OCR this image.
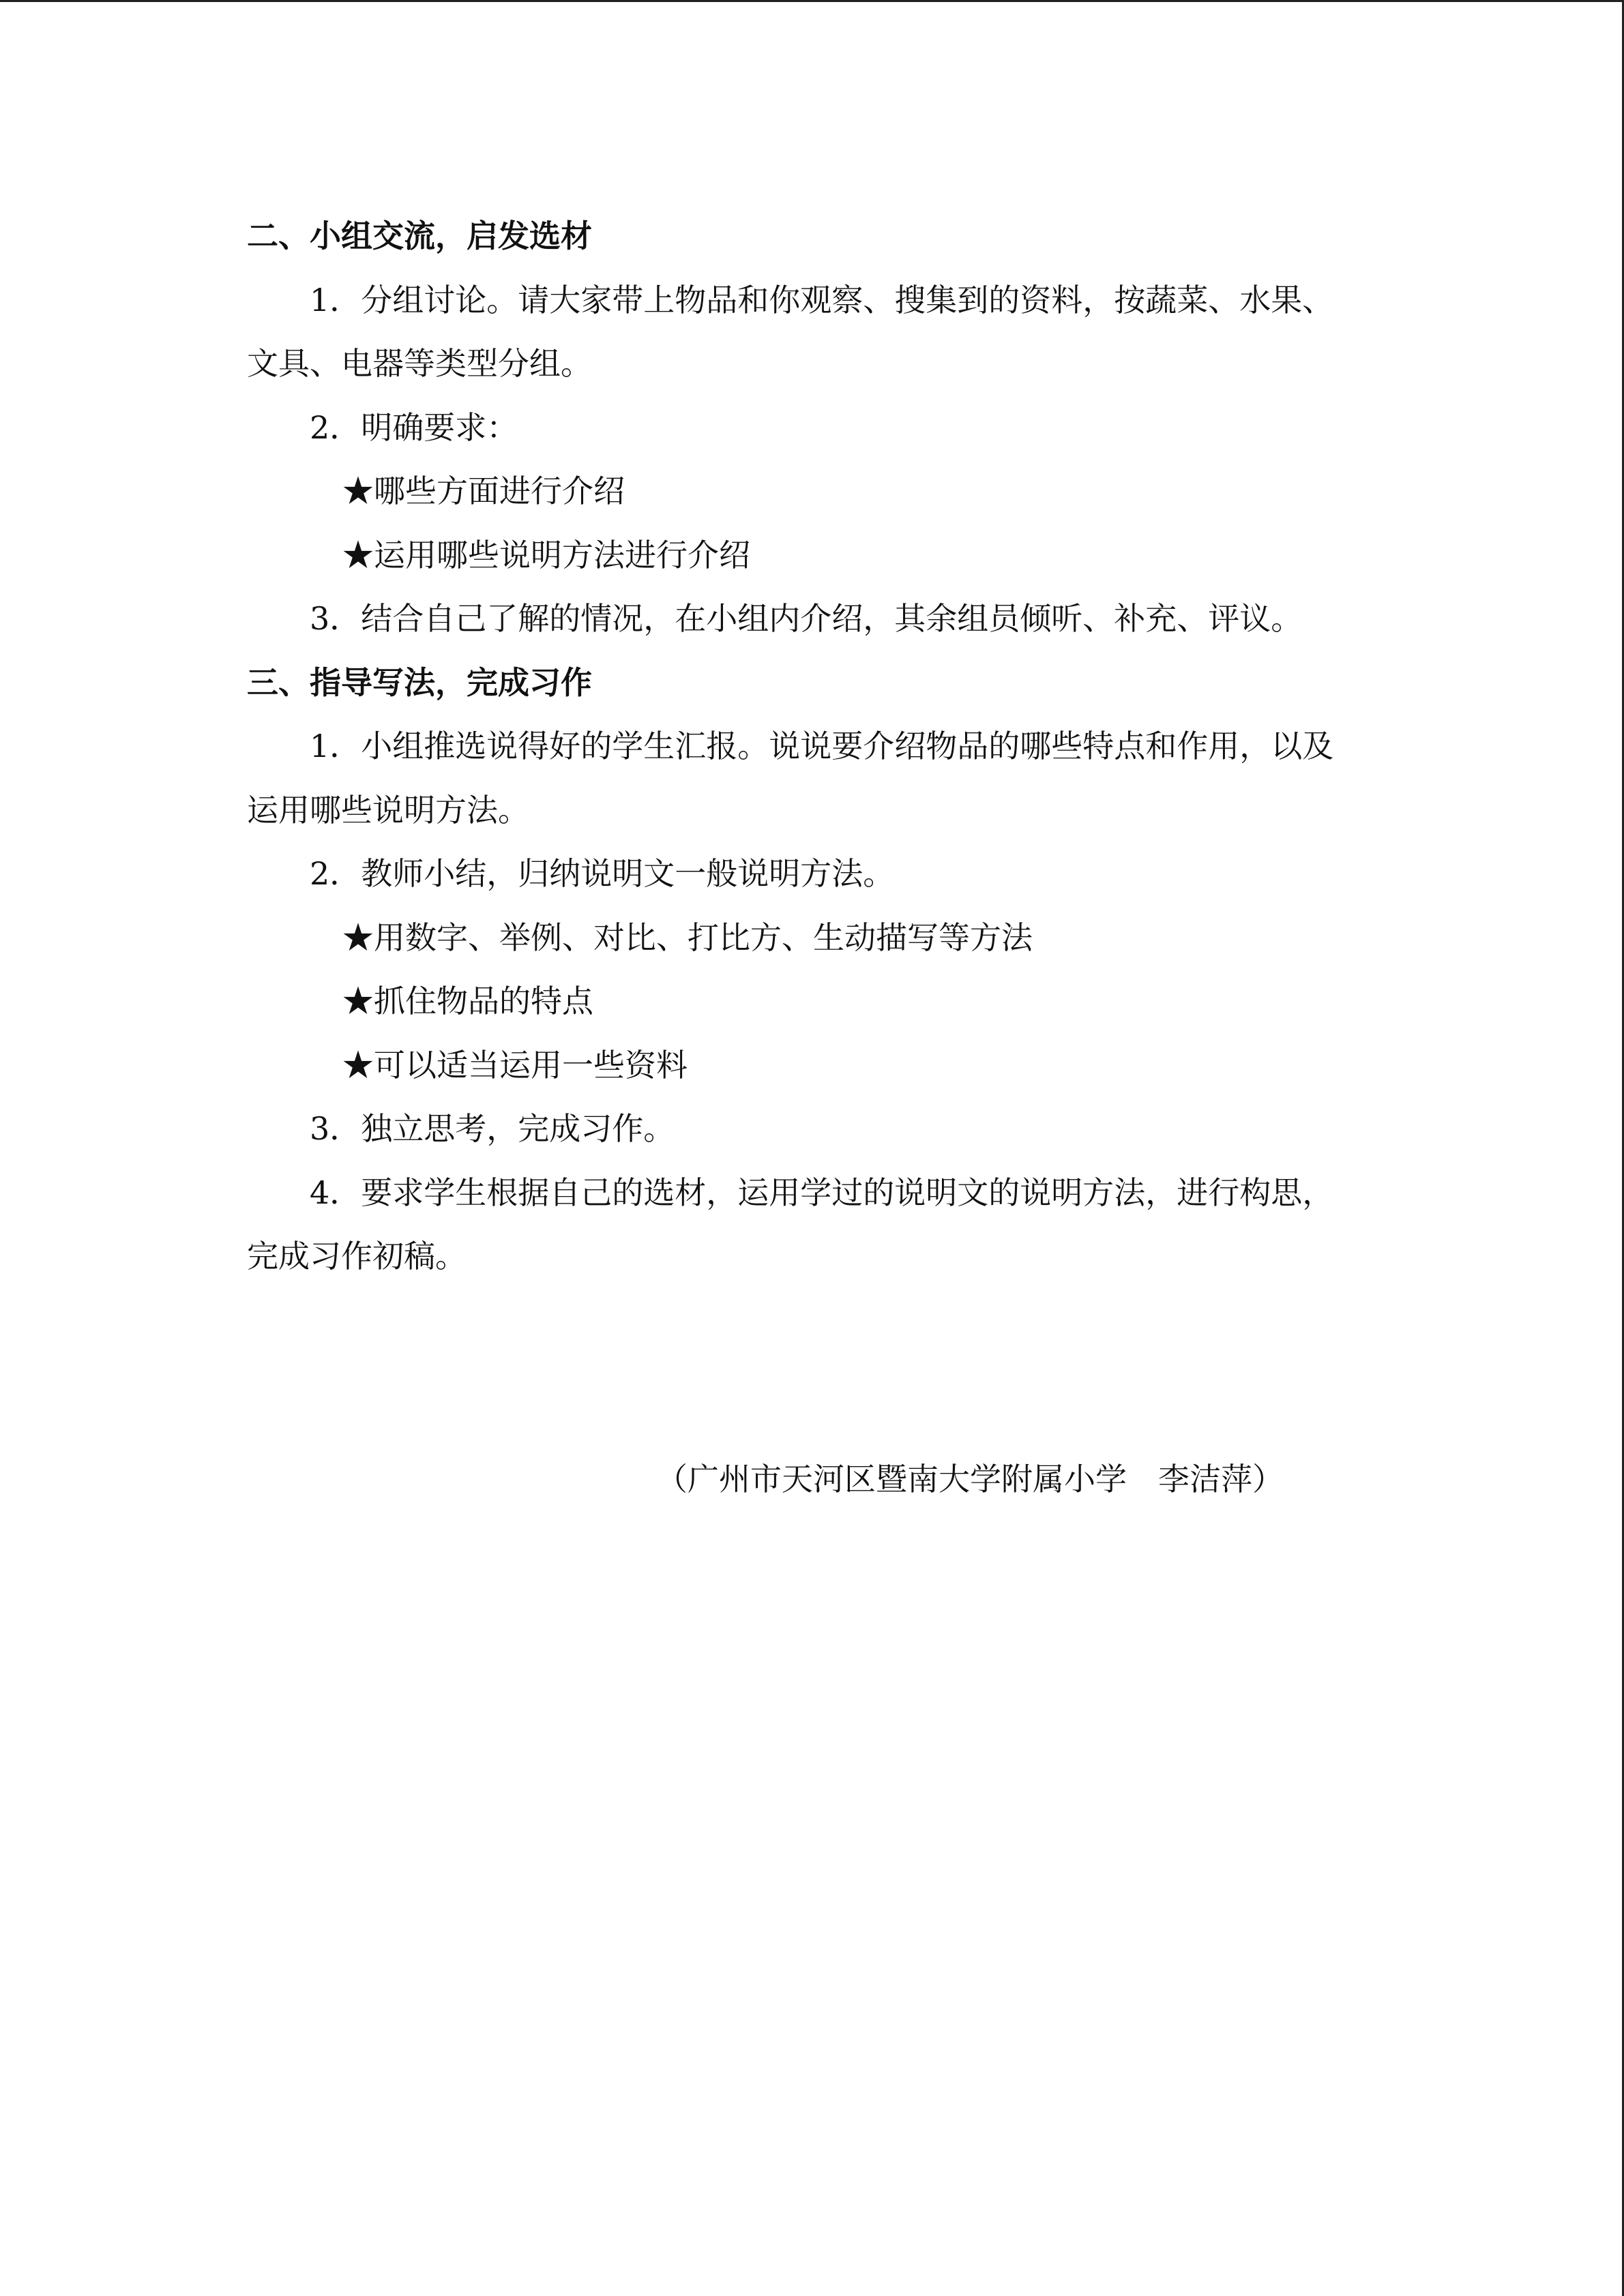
二、小组交流，启发选材

1．分组讨论。请大家带上物品和你观察、搜集到的资料，按蔬菜、水果、

文具、电器等类型分组。

2．明确要求：

★哪些方面进行介绍

★运用哪些说明方法进行介绍

3．结合自己了解的情况，在小组内介绍，其余组员倾听、补充、评议。

三、指导写法，完成习作

1．小组推选说得好的学生汇报。说说要介绍物品的哪些特点和作用，以及

运用哪些说明方法。

2．教师小结，归纳说明文一般说明方法。

★用数字、举例、对比、打比方、生动描写等方法

★抓住物品的特点

★可以适当运用一些资料

3．独立思考，完成习作。

4．要求学生根据自己的选材，运用学过的说明文的说明方法，进行构思，

完成习作初稿。

（广州市天河区暨南大学附属小学　李洁萍）
